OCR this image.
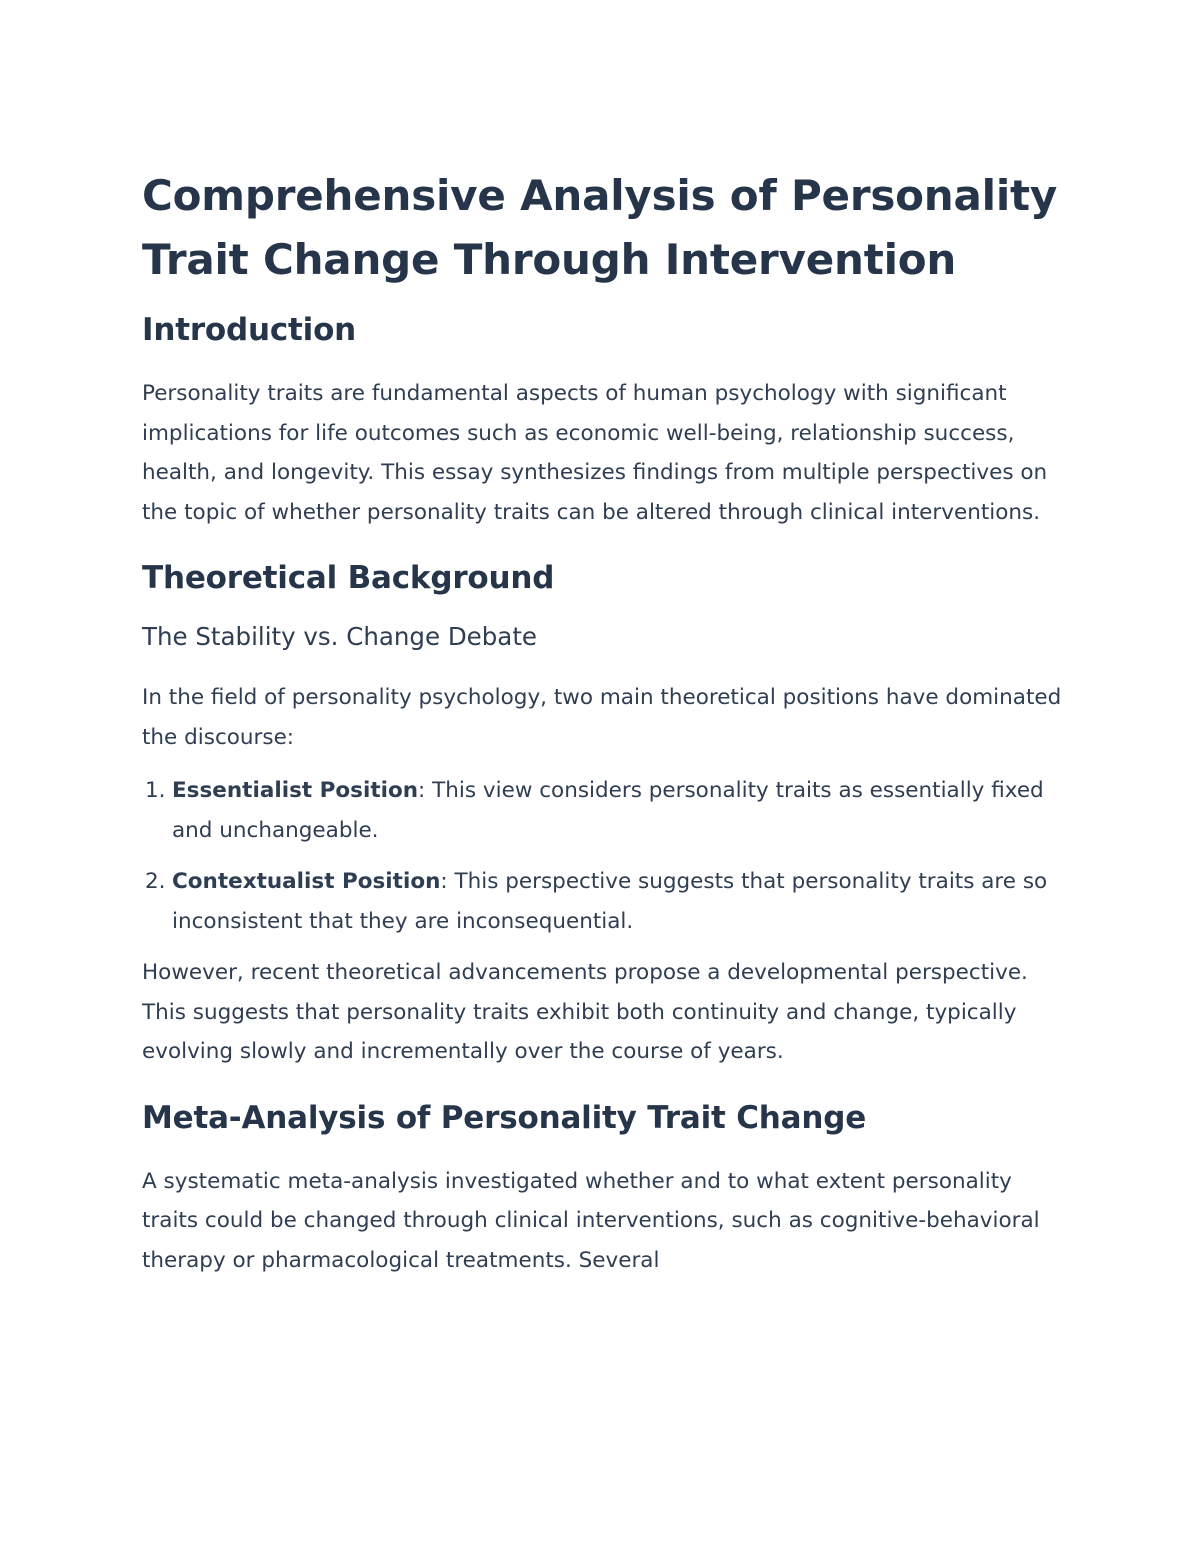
Comprehensive Analysis of Personality Trait Change Through Intervention
Introduction

Personality traits are fundamental aspects of human psychology with significant implications for life outcomes such as economic well-being, relationship success, health, and longevity. This essay synthesizes findings from multiple perspectives on the topic of whether personality traits can be altered through clinical interventions.

Theoretical Background
The Stability vs. Change Debate

In the field of personality psychology, two main theoretical positions have dominated the discourse:

1. Essentialist Position: This view considers personality traits as essentially fixed and unchangeable.
2. Contextualist Position: This perspective suggests that personality traits are so inconsistent that they are inconsequential.

However, recent theoretical advancements propose a developmental perspective. This suggests that personality traits exhibit both continuity and change, typically evolving slowly and incrementally over the course of years.

Meta-Analysis of Personality Trait Change

A systematic meta-analysis investigated whether and to what extent personality traits could be changed through clinical interventions, such as cognitive-behavioral therapy or pharmacological treatments. Several
